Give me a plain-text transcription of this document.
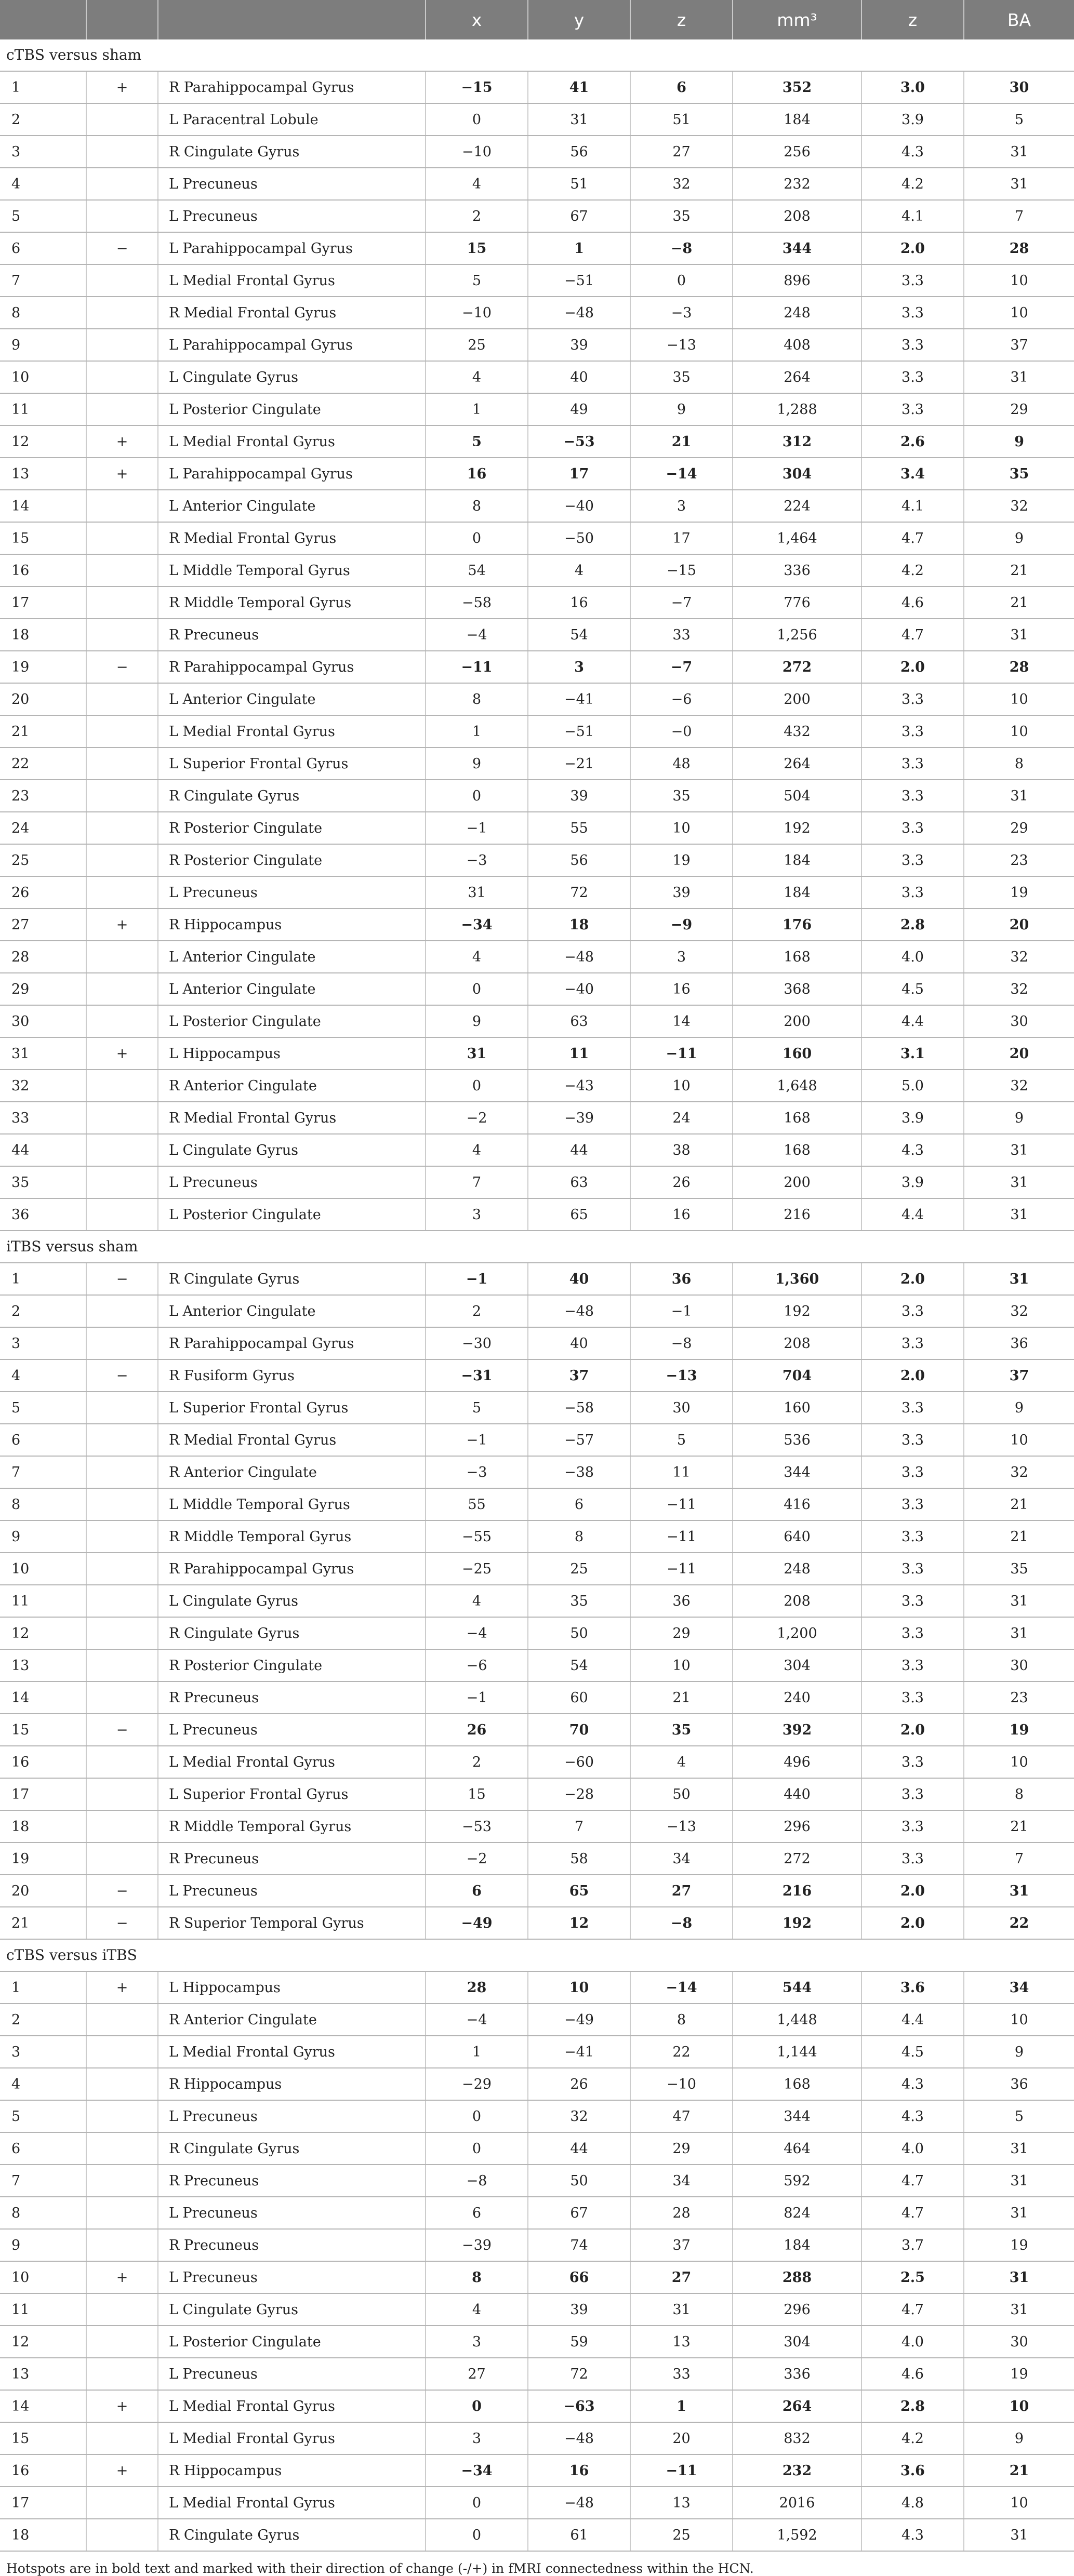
			x	y	z	mm³	z	BA
cTBS versus sham								
1	+	R Parahippocampal Gyrus	−15	41	6	352	3.0	30
2		L Paracentral Lobule	0	31	51	184	3.9	5
3		R Cingulate Gyrus	−10	56	27	256	4.3	31
4		L Precuneus	4	51	32	232	4.2	31
5		L Precuneus	2	67	35	208	4.1	7
6	−	L Parahippocampal Gyrus	15	1	−8	344	2.0	28
7		L Medial Frontal Gyrus	5	−51	0	896	3.3	10
8		R Medial Frontal Gyrus	−10	−48	−3	248	3.3	10
9		L Parahippocampal Gyrus	25	39	−13	408	3.3	37
10		L Cingulate Gyrus	4	40	35	264	3.3	31
11		L Posterior Cingulate	1	49	9	1,288	3.3	29
12	+	L Medial Frontal Gyrus	5	−53	21	312	2.6	9
13	+	L Parahippocampal Gyrus	16	17	−14	304	3.4	35
14		L Anterior Cingulate	8	−40	3	224	4.1	32
15		R Medial Frontal Gyrus	0	−50	17	1,464	4.7	9
16		L Middle Temporal Gyrus	54	4	−15	336	4.2	21
17		R Middle Temporal Gyrus	−58	16	−7	776	4.6	21
18		R Precuneus	−4	54	33	1,256	4.7	31
19	−	R Parahippocampal Gyrus	−11	3	−7	272	2.0	28
20		L Anterior Cingulate	8	−41	−6	200	3.3	10
21		L Medial Frontal Gyrus	1	−51	−0	432	3.3	10
22		L Superior Frontal Gyrus	9	−21	48	264	3.3	8
23		R Cingulate Gyrus	0	39	35	504	3.3	31
24		R Posterior Cingulate	−1	55	10	192	3.3	29
25		R Posterior Cingulate	−3	56	19	184	3.3	23
26		L Precuneus	31	72	39	184	3.3	19
27	+	R Hippocampus	−34	18	−9	176	2.8	20
28		L Anterior Cingulate	4	−48	3	168	4.0	32
29		L Anterior Cingulate	0	−40	16	368	4.5	32
30		L Posterior Cingulate	9	63	14	200	4.4	30
31	+	L Hippocampus	31	11	−11	160	3.1	20
32		R Anterior Cingulate	0	−43	10	1,648	5.0	32
33		R Medial Frontal Gyrus	−2	−39	24	168	3.9	9
44		L Cingulate Gyrus	4	44	38	168	4.3	31
35		L Precuneus	7	63	26	200	3.9	31
36		L Posterior Cingulate	3	65	16	216	4.4	31
iTBS versus sham								
1	−	R Cingulate Gyrus	−1	40	36	1,360	2.0	31
2		L Anterior Cingulate	2	−48	−1	192	3.3	32
3		R Parahippocampal Gyrus	−30	40	−8	208	3.3	36
4	−	R Fusiform Gyrus	−31	37	−13	704	2.0	37
5		L Superior Frontal Gyrus	5	−58	30	160	3.3	9
6		R Medial Frontal Gyrus	−1	−57	5	536	3.3	10
7		R Anterior Cingulate	−3	−38	11	344	3.3	32
8		L Middle Temporal Gyrus	55	6	−11	416	3.3	21
9		R Middle Temporal Gyrus	−55	8	−11	640	3.3	21
10		R Parahippocampal Gyrus	−25	25	−11	248	3.3	35
11		L Cingulate Gyrus	4	35	36	208	3.3	31
12		R Cingulate Gyrus	−4	50	29	1,200	3.3	31
13		R Posterior Cingulate	−6	54	10	304	3.3	30
14		R Precuneus	−1	60	21	240	3.3	23
15	−	L Precuneus	26	70	35	392	2.0	19
16		L Medial Frontal Gyrus	2	−60	4	496	3.3	10
17		L Superior Frontal Gyrus	15	−28	50	440	3.3	8
18		R Middle Temporal Gyrus	−53	7	−13	296	3.3	21
19		R Precuneus	−2	58	34	272	3.3	7
20	−	L Precuneus	6	65	27	216	2.0	31
21	−	R Superior Temporal Gyrus	−49	12	−8	192	2.0	22
cTBS versus iTBS								
1	+	L Hippocampus	28	10	−14	544	3.6	34
2		R Anterior Cingulate	−4	−49	8	1,448	4.4	10
3		L Medial Frontal Gyrus	1	−41	22	1,144	4.5	9
4		R Hippocampus	−29	26	−10	168	4.3	36
5		L Precuneus	0	32	47	344	4.3	5
6		R Cingulate Gyrus	0	44	29	464	4.0	31
7		R Precuneus	−8	50	34	592	4.7	31
8		L Precuneus	6	67	28	824	4.7	31
9		R Precuneus	−39	74	37	184	3.7	19
10	+	L Precuneus	8	66	27	288	2.5	31
11		L Cingulate Gyrus	4	39	31	296	4.7	31
12		L Posterior Cingulate	3	59	13	304	4.0	30
13		L Precuneus	27	72	33	336	4.6	19
14	+	L Medial Frontal Gyrus	0	−63	1	264	2.8	10
15		L Medial Frontal Gyrus	3	−48	20	832	4.2	9
16	+	R Hippocampus	−34	16	−11	232	3.6	21
17		L Medial Frontal Gyrus	0	−48	13	2016	4.8	10
18		R Cingulate Gyrus	0	61	25	1,592	4.3	31
Hotspots are in bold text and marked with their direction of change (-/+) in fMRI connectedness within the HCN.
